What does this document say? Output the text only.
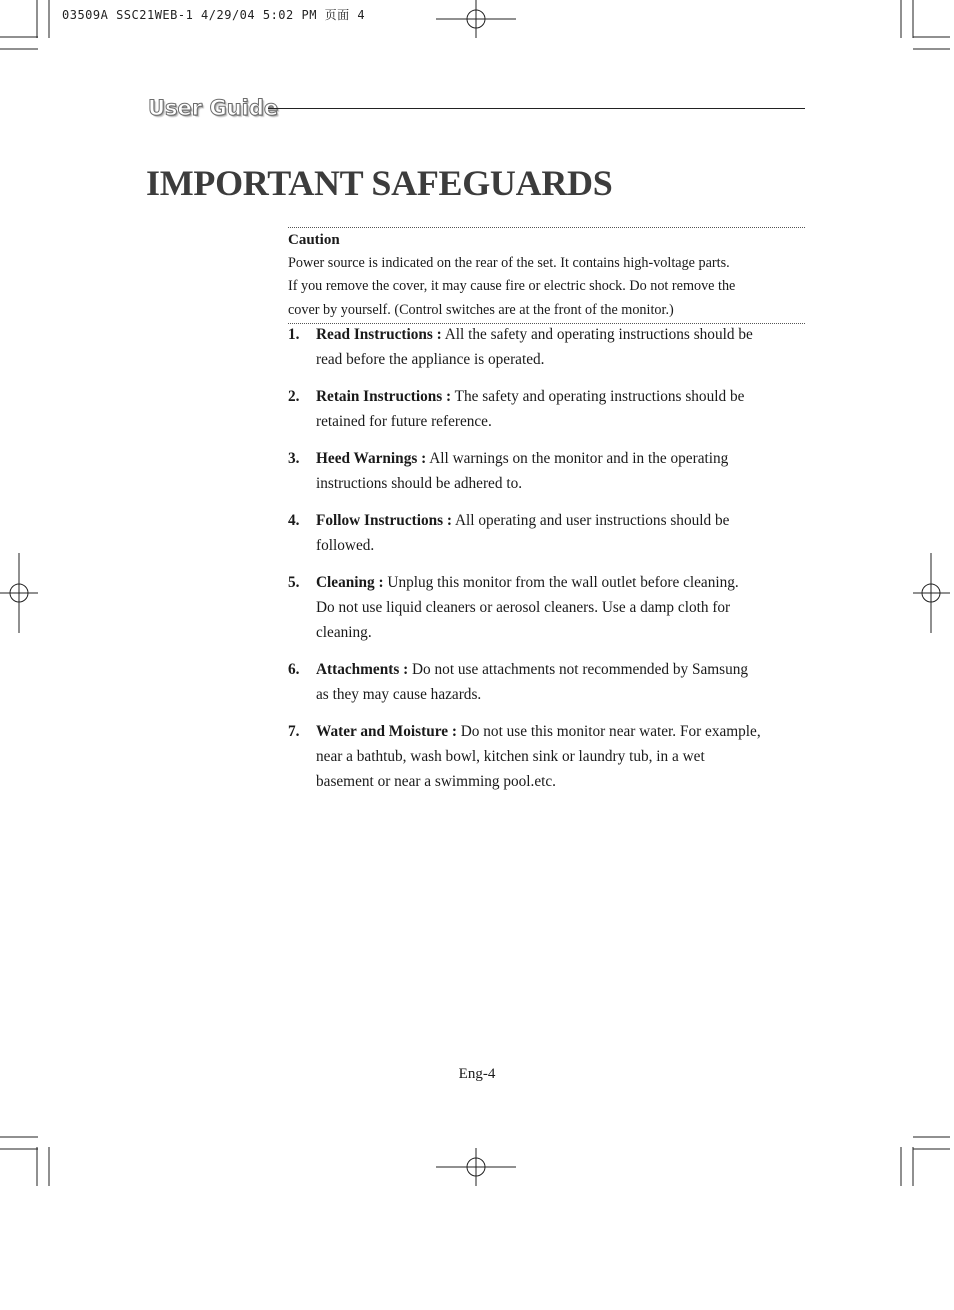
03509A SSC21WEB-1 4/29/04 5:02 PM 页面 4
User Guide
IMPORTANT SAFEGUARDS
Caution
Power source is indicated on the rear of the set. It contains high-voltage parts.
If you remove the cover, it may cause fire or electric shock. Do not remove the
cover by yourself. (Control switches are at the front of the monitor.)
1. Read Instructions : All the safety and operating instructions should be
read before the appliance is operated.
2. Retain Instructions : The safety and operating instructions should be
retained for future reference.
3. Heed Warnings : All warnings on the monitor and in the operating
instructions should be adhered to.
4. Follow Instructions : All operating and user instructions should be
followed.
5. Cleaning : Unplug this monitor from the wall outlet before cleaning.
Do not use liquid cleaners or aerosol cleaners. Use a damp cloth for
cleaning.
6. Attachments : Do not use attachments not recommended by Samsung
as they may cause hazards.
7. Water and Moisture : Do not use this monitor near water. For example,
near a bathtub, wash bowl, kitchen sink or laundry tub, in a wet
basement or near a swimming pool.etc.
Eng-4
